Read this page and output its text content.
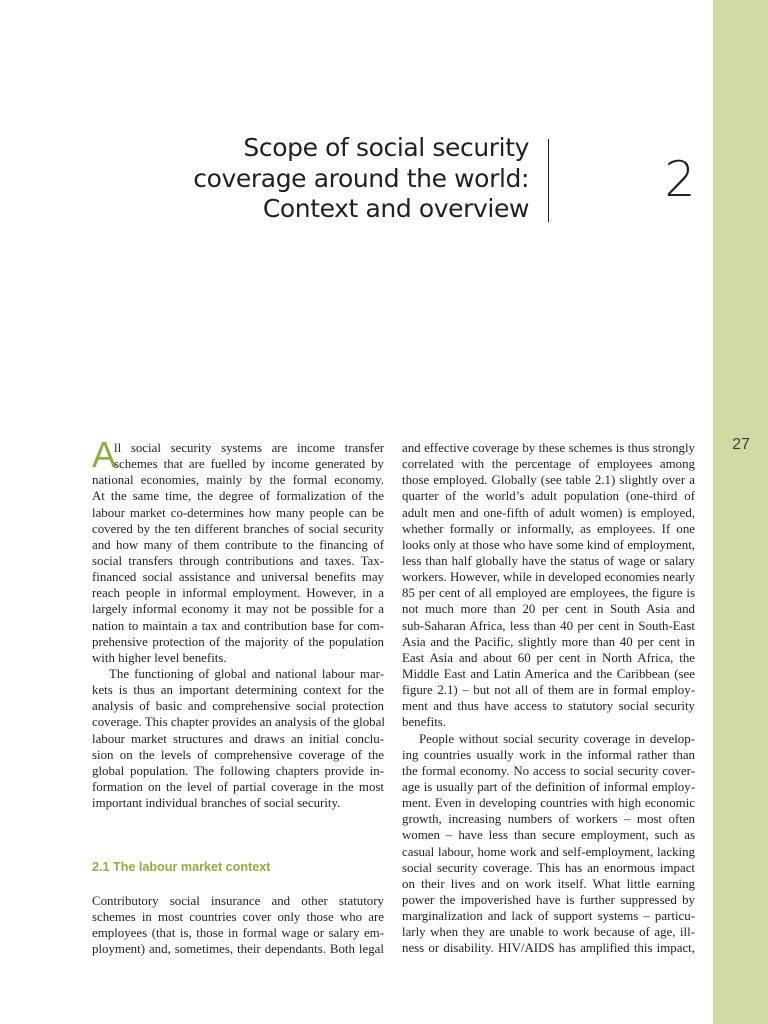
27
Scope of social security
coverage around the world:
Context and overview
2
A
ll social security systems are income transfer
schemes that are fuelled by income generated by
national economies, mainly by the formal economy.
At the same time, the degree of formalization of the
labour market co-determines how many people can be
covered by the ten different branches of social security
and how many of them contribute to the financing of
social transfers through contributions and taxes. Tax-
financed social assistance and universal benefits may
reach people in informal employment. However, in a
largely informal economy it may not be possible for a
nation to maintain a tax and contribution base for com-
prehensive protection of the majority of the population
with higher level benefits.
The functioning of global and national labour mar-
kets is thus an important determining context for the
analysis of basic and comprehensive social protection
coverage. This chapter provides an analysis of the global
labour market structures and draws an initial conclu-
sion on the levels of comprehensive coverage of the
global population. The following chapters provide in-
formation on the level of partial coverage in the most
important individual branches of social security.
2.1 The labour market context
Contributory social insurance and other statutory
schemes in most countries cover only those who are
employees (that is, those in formal wage or salary em-
ployment) and, sometimes, their dependants. Both legal
and effective coverage by these schemes is thus strongly
correlated with the percentage of employees among
those employed. Globally (see table 2.1) slightly over a
quarter of the world’s adult population (one-third of
adult men and one-fifth of adult women) is employed,
whether formally or informally, as employees. If one
looks only at those who have some kind of employment,
less than half globally have the status of wage or salary
workers. However, while in developed economies nearly
85 per cent of all employed are employees, the figure is
not much more than 20 per cent in South Asia and
sub-Saharan Africa, less than 40 per cent in South-East
Asia and the Pacific, slightly more than 40 per cent in
East Asia and about 60 per cent in North Africa, the
Middle East and Latin America and the Caribbean (see
figure 2.1) – but not all of them are in formal employ-
ment and thus have access to statutory social security
benefits.
People without social security coverage in develop-
ing countries usually work in the informal rather than
the formal economy. No access to social security cover-
age is usually part of the definition of informal employ-
ment. Even in developing countries with high economic
growth, increasing numbers of workers – most often
women – have less than secure employment, such as
casual labour, home work and self-employment, lacking
social security coverage. This has an enormous impact
on their lives and on work itself. What little earning
power the impoverished have is further suppressed by
marginalization and lack of support systems – particu-
larly when they are unable to work because of age, ill-
ness or disability. HIV/AIDS has amplified this impact,
